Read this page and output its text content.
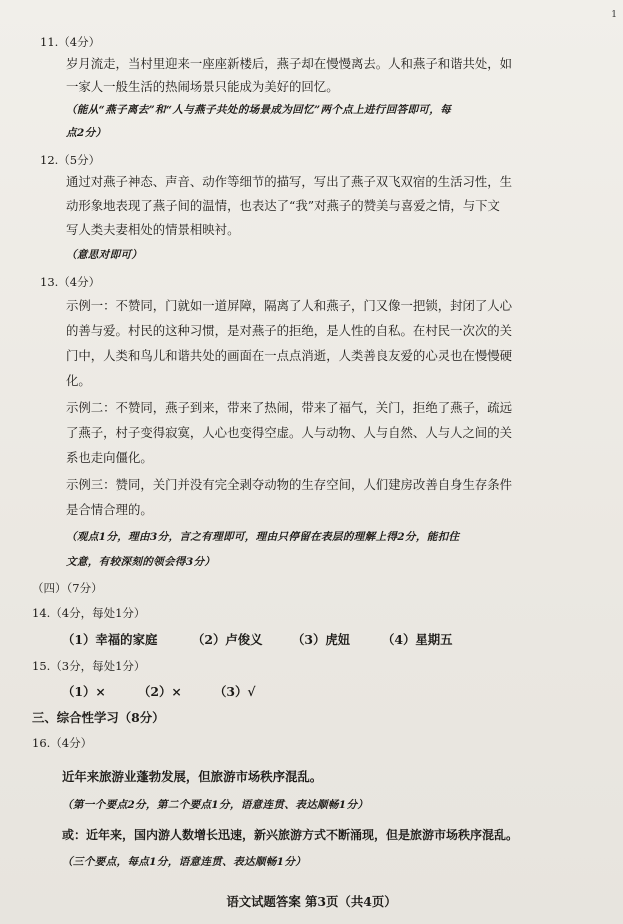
1
11.（4分）
岁月流走，当村里迎来一座座新楼后，燕子却在慢慢离去。人和燕子和谐共处，如
一家人一般生活的热闹场景只能成为美好的回忆。
（能从“燕子离去”和“人与燕子共处的场景成为回忆”两个点上进行回答即可，每
点2分）
12.（5分）
通过对燕子神态、声音、动作等细节的描写，写出了燕子双飞双宿的生活习性，生
动形象地表现了燕子间的温情，也表达了“我”对燕子的赞美与喜爱之情，与下文
写人类夫妻相处的情景相映衬。
（意思对即可）
13.（4分）
示例一：不赞同，门就如一道屏障，隔离了人和燕子，门又像一把锁，封闭了人心
的善与爱。村民的这种习惯，是对燕子的拒绝，是人性的自私。在村民一次次的关
门中，人类和鸟儿和谐共处的画面在一点点消逝，人类善良友爱的心灵也在慢慢硬
化。
示例二：不赞同，燕子到来，带来了热闹，带来了福气，关门，拒绝了燕子，疏远
了燕子，村子变得寂寞，人心也变得空虚。人与动物、人与自然、人与人之间的关
系也走向僵化。
示例三：赞同，关门并没有完全剥夺动物的生存空间，人们建房改善自身生存条件
是合情合理的。
（观点1分，理由3分，言之有理即可，理由只停留在表层的理解上得2分，能扣住
文意，有较深刻的领会得3分）
（四）（7分）
14.（4分，每处1分）
（1）幸福的家庭	（2）卢俊义 （3）虎妞	（4）星期五
15.（3分，每处1分）
（1）×	（2）×	（3）√
三、综合性学习（8分）
16.（4分）
近年来旅游业蓬勃发展，但旅游市场秩序混乱。
（第一个要点2分，第二个要点1分，语意连贯、表达顺畅1分）
或：近年来，国内游人数增长迅速，新兴旅游方式不断涌现，但是旅游市场秩序混乱。
（三个要点，每点1分，语意连贯、表达顺畅1分）
语文试题答案 第3页（共4页）
